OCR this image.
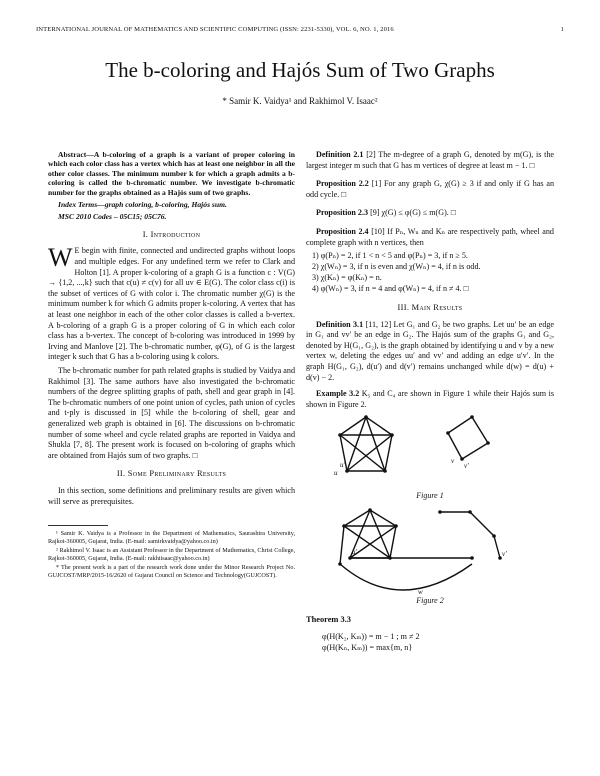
INTERNATIONAL JOURNAL OF MATHEMATICS AND SCIENTIFIC COMPUTING (ISSN: 2231-5330), VOL. 6, NO. 1, 2016	1
The b-coloring and Hajós Sum of Two Graphs
* Samir K. Vaidya¹ and Rakhimol V. Isaac²

Abstract—A b-coloring of a graph is a variant of proper coloring in which each color class has a vertex which has at least one neighbor in all the other color classes. The minimum number k for which a graph admits a b-coloring is called the b-chromatic number. We investigate b-chromatic number for the graphs obtained as a Hajós sum of two graphs.

Index Terms—graph coloring, b-coloring, Hajós sum.

MSC 2010 Codes – 05C15; 05C76.

I. Introduction

W E begin with finite, connected and undirected graphs without loops and multiple edges. For any undefined term we refer to Clark and Holton [1]. A proper k-coloring of a graph G is a function c : V(G) → {1,2, ...,k} such that c(u) ≠ c(v) for all uv ∈ E(G). The color class c(i) is the subset of vertices of G with color i. The chromatic number χ(G) is the minimum number k for which G admits proper k-coloring. A vertex that has at least one neighbor in each of the other color classes is called a b-vertex. A b-coloring of a graph G is a proper coloring of G in which each color class has a b-vertex. The concept of b-coloring was introduced in 1999 by Irving and Manlove [2]. The b-chromatic number, φ(G), of G is the largest integer k such that G has a b-coloring using k colors.

The b-chromatic number for path related graphs is studied by Vaidya and Rakhimol [3]. The same authors have also investigated the b-chromatic numbers of the degree splitting graphs of path, shell and gear graph in [4]. The b-chromatic numbers of one point union of cycles, path union of cycles and t-ply is discussed in [5] while the b-coloring of shell, gear and generalized web graph is obtained in [6]. The discussions on b-chromatic number of some wheel and cycle related graphs are reported in Vaidya and Shukla [7, 8]. The present work is focused on b-coloring of graphs which are obtained from Hajós sum of two graphs. □

II. Some Preliminary Results

In this section, some definitions and preliminary results are given which will serve as prerequisites.

¹ Samir K. Vaidya is a Professor in the Department of Mathematics, Saurashtra University, Rajkot-360005, Gujarat, India. (E-mail: samirkvaidya@yahoo.co.in)

² Rakhimol V. Isaac is an Assistant Professor in the Department of Mathematics, Christ College, Rajkot-360005, Gujarat, India. (E-mail: rakhiisaac@yahoo.co.in)

* The present work is a part of the research work done under the Minor Research Project No. GUJCOST/MRP/2015-16/2620 of Gujarat Council on Science and Technology(GUJCOST).

Definition 2.1 [2] The m-degree of a graph G, denoted by m(G), is the largest integer m such that G has m vertices of degree at least m − 1. □

Proposition 2.2 [1] For any graph G, χ(G) ≥ 3 if and only if G has an odd cycle. □

Proposition 2.3 [9] χ(G) ≤ φ(G) ≤ m(G). □

Proposition 2.4 [10] If Pₙ, Wₙ and Kₙ are respectively path, wheel and complete graph with n vertices, then

1) φ(Pₙ) = 2, if 1 < n < 5 and φ(Pₙ) = 3, if n ≥ 5.
2) χ(Wₙ) = 3, if n is even and χ(Wₙ) = 4, if n is odd.
3) χ(Kₙ) = φ(Kₙ) = n.
4) φ(Wₙ) = 3, if n = 4 and φ(Wₙ) = 4, if n ≠ 4. □
III. Main Results

Definition 3.1 [11, 12] Let G₁ and G₂ be two graphs. Let uu′ be an edge in G₁ and vv′ be an edge in G₂. The Hajós sum of the graphs G₁ and G₂, denoted by H(G₁, G₂), is the graph obtained by identifying u and v by a new vertex w, deleting the edges uu′ and vv′ and adding an edge u′v′. In the graph H(G₁, G₂), d(u′) and d(v′) remains unchanged while d(w) = d(u) + d(v) − 2.

Example 3.2 K₅ and C₄ are shown in Figure 1 while their Hajós sum is shown in Figure 2.

u
u′	v
v′
Figure 1
u′	v′
w
Figure 2
Theorem 3.3
φ(H(K₂, Kₘ)) = m − 1 ; m ≠ 2
φ(H(Kₙ, Kₘ)) = max{m, n}
